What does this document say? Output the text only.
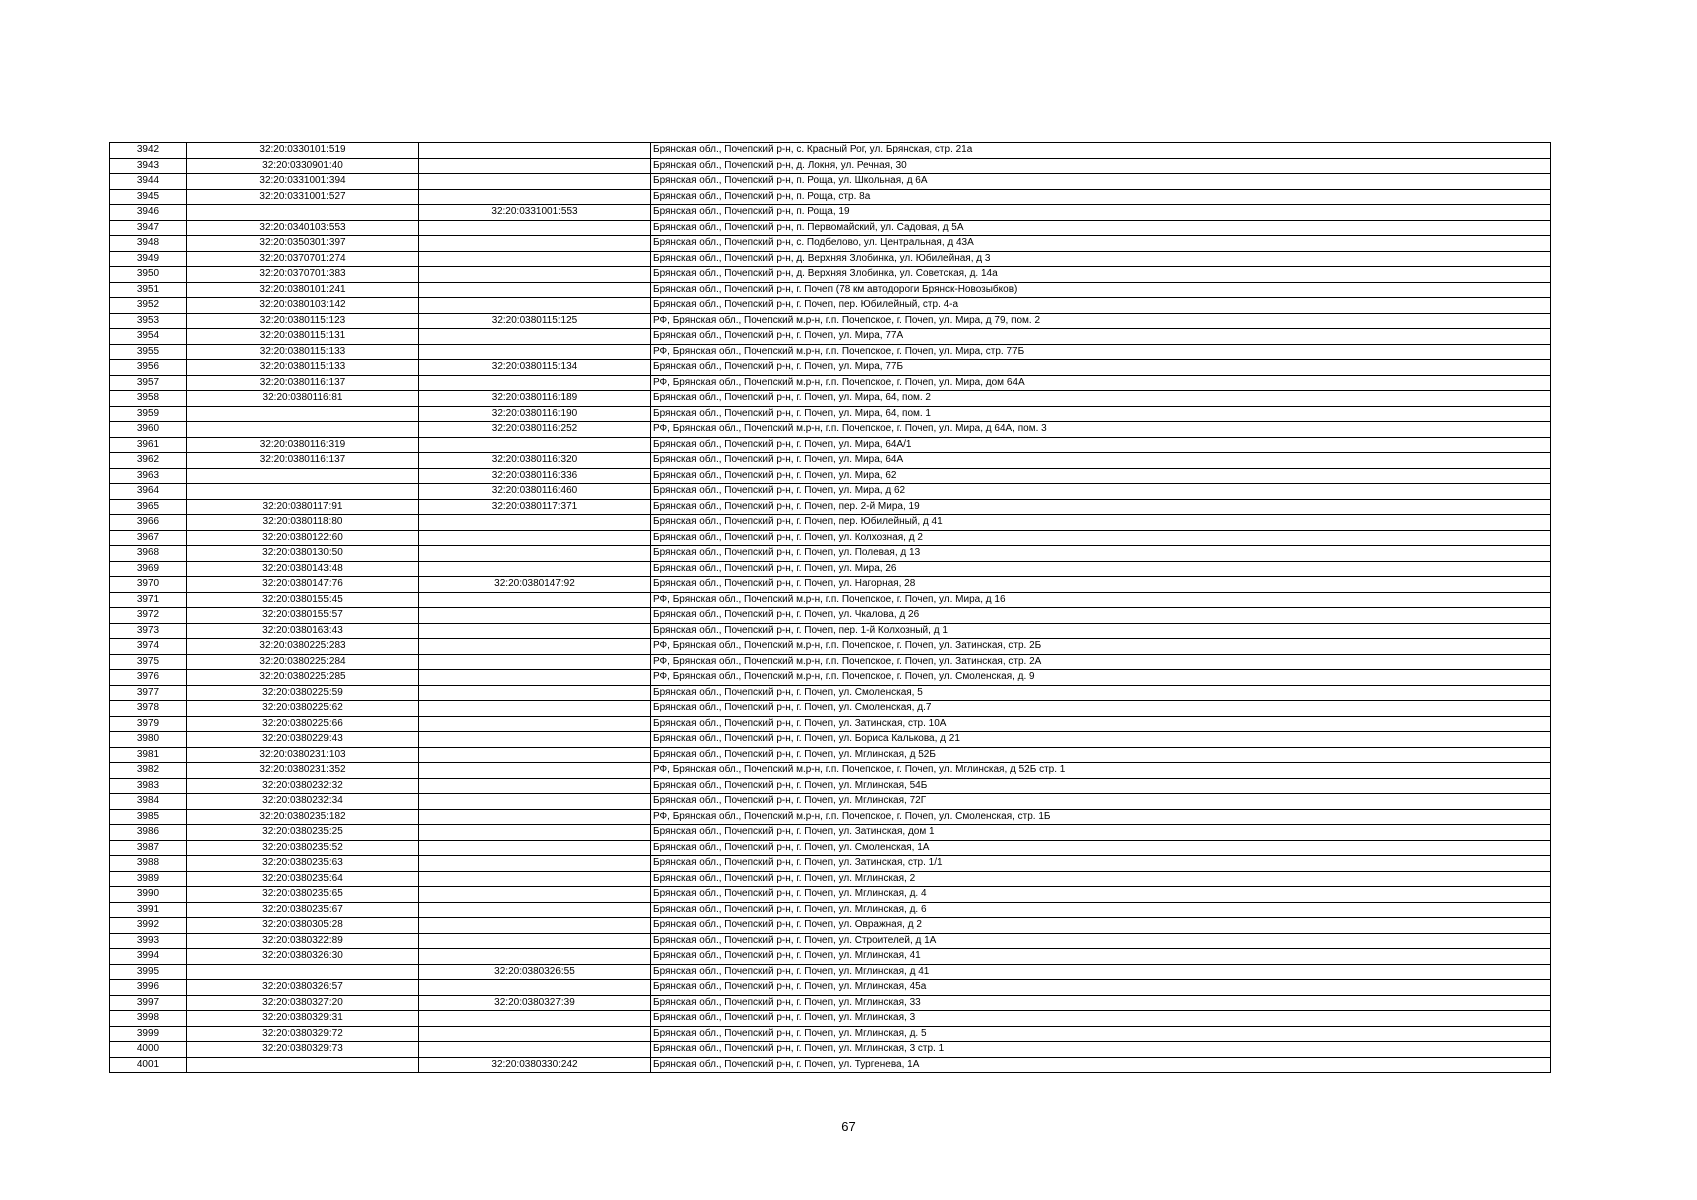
3942	32:20:0330101:519		Брянская обл., Почепский р-н, с. Красный Рог, ул. Брянская, стр. 21а
3943	32:20:0330901:40		Брянская обл., Почепский р-н, д. Локня, ул. Речная, 30
3944	32:20:0331001:394		Брянская обл., Почепский р-н, п. Роща, ул. Школьная, д 6А
3945	32:20:0331001:527		Брянская обл., Почепский р-н, п. Роща, стр. 8а
3946		32:20:0331001:553	Брянская обл., Почепский р-н, п. Роща, 19
3947	32:20:0340103:553		Брянская обл., Почепский р-н, п. Первомайский, ул. Садовая, д 5А
3948	32:20:0350301:397		Брянская обл., Почепский р-н, с. Подбелово, ул. Центральная, д 43А
3949	32:20:0370701:274		Брянская обл., Почепский р-н, д. Верхняя Злобинка, ул. Юбилейная, д 3
3950	32:20:0370701:383		Брянская обл., Почепский р-н, д. Верхняя Злобинка, ул. Советская, д. 14а
3951	32:20:0380101:241		Брянская обл., Почепский р-н, г. Почеп (78 км автодороги Брянск-Новозыбков)
3952	32:20:0380103:142		Брянская обл., Почепский р-н, г. Почеп, пер. Юбилейный, стр. 4-а
3953	32:20:0380115:123	32:20:0380115:125	РФ, Брянская обл., Почепский м.р-н, г.п. Почепское, г. Почеп, ул. Мира, д 79, пом. 2
3954	32:20:0380115:131		Брянская обл., Почепский р-н, г. Почеп, ул. Мира, 77А
3955	32:20:0380115:133		РФ, Брянская обл., Почепский м.р-н, г.п. Почепское, г. Почеп, ул. Мира, стр. 77Б
3956	32:20:0380115:133	32:20:0380115:134	Брянская обл., Почепский р-н, г. Почеп, ул. Мира, 77Б
3957	32:20:0380116:137		РФ, Брянская обл., Почепский м.р-н, г.п. Почепское, г. Почеп, ул. Мира, дом 64А
3958	32:20:0380116:81	32:20:0380116:189	Брянская обл., Почепский р-н, г. Почеп, ул. Мира, 64, пом. 2
3959		32:20:0380116:190	Брянская обл., Почепский р-н, г. Почеп, ул. Мира, 64, пом. 1
3960		32:20:0380116:252	РФ, Брянская обл., Почепский м.р-н, г.п. Почепское, г. Почеп, ул. Мира, д 64А, пом. 3
3961	32:20:0380116:319		Брянская обл., Почепский р-н, г. Почеп, ул. Мира, 64А/1
3962	32:20:0380116:137	32:20:0380116:320	Брянская обл., Почепский р-н, г. Почеп, ул. Мира, 64А
3963		32:20:0380116:336	Брянская обл., Почепский р-н, г. Почеп, ул. Мира, 62
3964		32:20:0380116:460	Брянская обл., Почепский р-н, г. Почеп, ул. Мира, д 62
3965	32:20:0380117:91	32:20:0380117:371	Брянская обл., Почепский р-н, г. Почеп, пер. 2-й Мира, 19
3966	32:20:0380118:80		Брянская обл., Почепский р-н, г. Почеп, пер. Юбилейный, д 41
3967	32:20:0380122:60		Брянская обл., Почепский р-н, г. Почеп, ул. Колхозная, д 2
3968	32:20:0380130:50		Брянская обл., Почепский р-н, г. Почеп, ул. Полевая, д 13
3969	32:20:0380143:48		Брянская обл., Почепский р-н, г. Почеп, ул. Мира, 26
3970	32:20:0380147:76	32:20:0380147:92	Брянская обл., Почепский р-н, г. Почеп, ул. Нагорная, 28
3971	32:20:0380155:45		РФ, Брянская обл., Почепский м.р-н, г.п. Почепское, г. Почеп, ул. Мира, д 16
3972	32:20:0380155:57		Брянская обл., Почепский р-н, г. Почеп, ул. Чкалова, д 26
3973	32:20:0380163:43		Брянская обл., Почепский р-н, г. Почеп, пер. 1-й Колхозный, д 1
3974	32:20:0380225:283		РФ, Брянская обл., Почепский м.р-н, г.п. Почепское, г. Почеп, ул. Затинская, стр. 2Б
3975	32:20:0380225:284		РФ, Брянская обл., Почепский м.р-н, г.п. Почепское, г. Почеп, ул. Затинская, стр. 2А
3976	32:20:0380225:285		РФ, Брянская обл., Почепский м.р-н, г.п. Почепское, г. Почеп, ул. Смоленская, д. 9
3977	32:20:0380225:59		Брянская обл., Почепский р-н, г. Почеп, ул. Смоленская, 5
3978	32:20:0380225:62		Брянская обл., Почепский р-н, г. Почеп, ул. Смоленская, д.7
3979	32:20:0380225:66		Брянская обл., Почепский р-н, г. Почеп, ул. Затинская, стр. 10А
3980	32:20:0380229:43		Брянская обл., Почепский р-н, г. Почеп, ул. Бориса Калькова, д 21
3981	32:20:0380231:103		Брянская обл., Почепский р-н, г. Почеп, ул. Мглинская, д 52Б
3982	32:20:0380231:352		РФ, Брянская обл., Почепский м.р-н, г.п. Почепское, г. Почеп, ул. Мглинская, д 52Б стр. 1
3983	32:20:0380232:32		Брянская обл., Почепский р-н, г. Почеп, ул. Мглинская, 54Б
3984	32:20:0380232:34		Брянская обл., Почепский р-н, г. Почеп, ул. Мглинская, 72Г
3985	32:20:0380235:182		РФ, Брянская обл., Почепский м.р-н, г.п. Почепское, г. Почеп, ул. Смоленская, стр. 1Б
3986	32:20:0380235:25		Брянская обл., Почепский р-н, г. Почеп, ул. Затинская, дом 1
3987	32:20:0380235:52		Брянская обл., Почепский р-н, г. Почеп, ул. Смоленская, 1А
3988	32:20:0380235:63		Брянская обл., Почепский р-н, г. Почеп, ул. Затинская, стр. 1/1
3989	32:20:0380235:64		Брянская обл., Почепский р-н, г. Почеп, ул. Мглинская, 2
3990	32:20:0380235:65		Брянская обл., Почепский р-н, г. Почеп, ул. Мглинская, д. 4
3991	32:20:0380235:67		Брянская обл., Почепский р-н, г. Почеп, ул. Мглинская, д. 6
3992	32:20:0380305:28		Брянская обл., Почепский р-н, г. Почеп, ул. Овражная, д 2
3993	32:20:0380322:89		Брянская обл., Почепский р-н, г. Почеп, ул. Строителей, д 1А
3994	32:20:0380326:30		Брянская обл., Почепский р-н, г. Почеп, ул. Мглинская, 41
3995		32:20:0380326:55	Брянская обл., Почепский р-н, г. Почеп, ул. Мглинская, д 41
3996	32:20:0380326:57		Брянская обл., Почепский р-н, г. Почеп, ул. Мглинская, 45а
3997	32:20:0380327:20	32:20:0380327:39	Брянская обл., Почепский р-н, г. Почеп, ул. Мглинская, 33
3998	32:20:0380329:31		Брянская обл., Почепский р-н, г. Почеп, ул. Мглинская, 3
3999	32:20:0380329:72		Брянская обл., Почепский р-н, г. Почеп, ул. Мглинская, д. 5
4000	32:20:0380329:73		Брянская обл., Почепский р-н, г. Почеп, ул. Мглинская, 3 стр. 1
4001		32:20:0380330:242	Брянская обл., Почепский р-н, г. Почеп, ул. Тургенева, 1А
67
